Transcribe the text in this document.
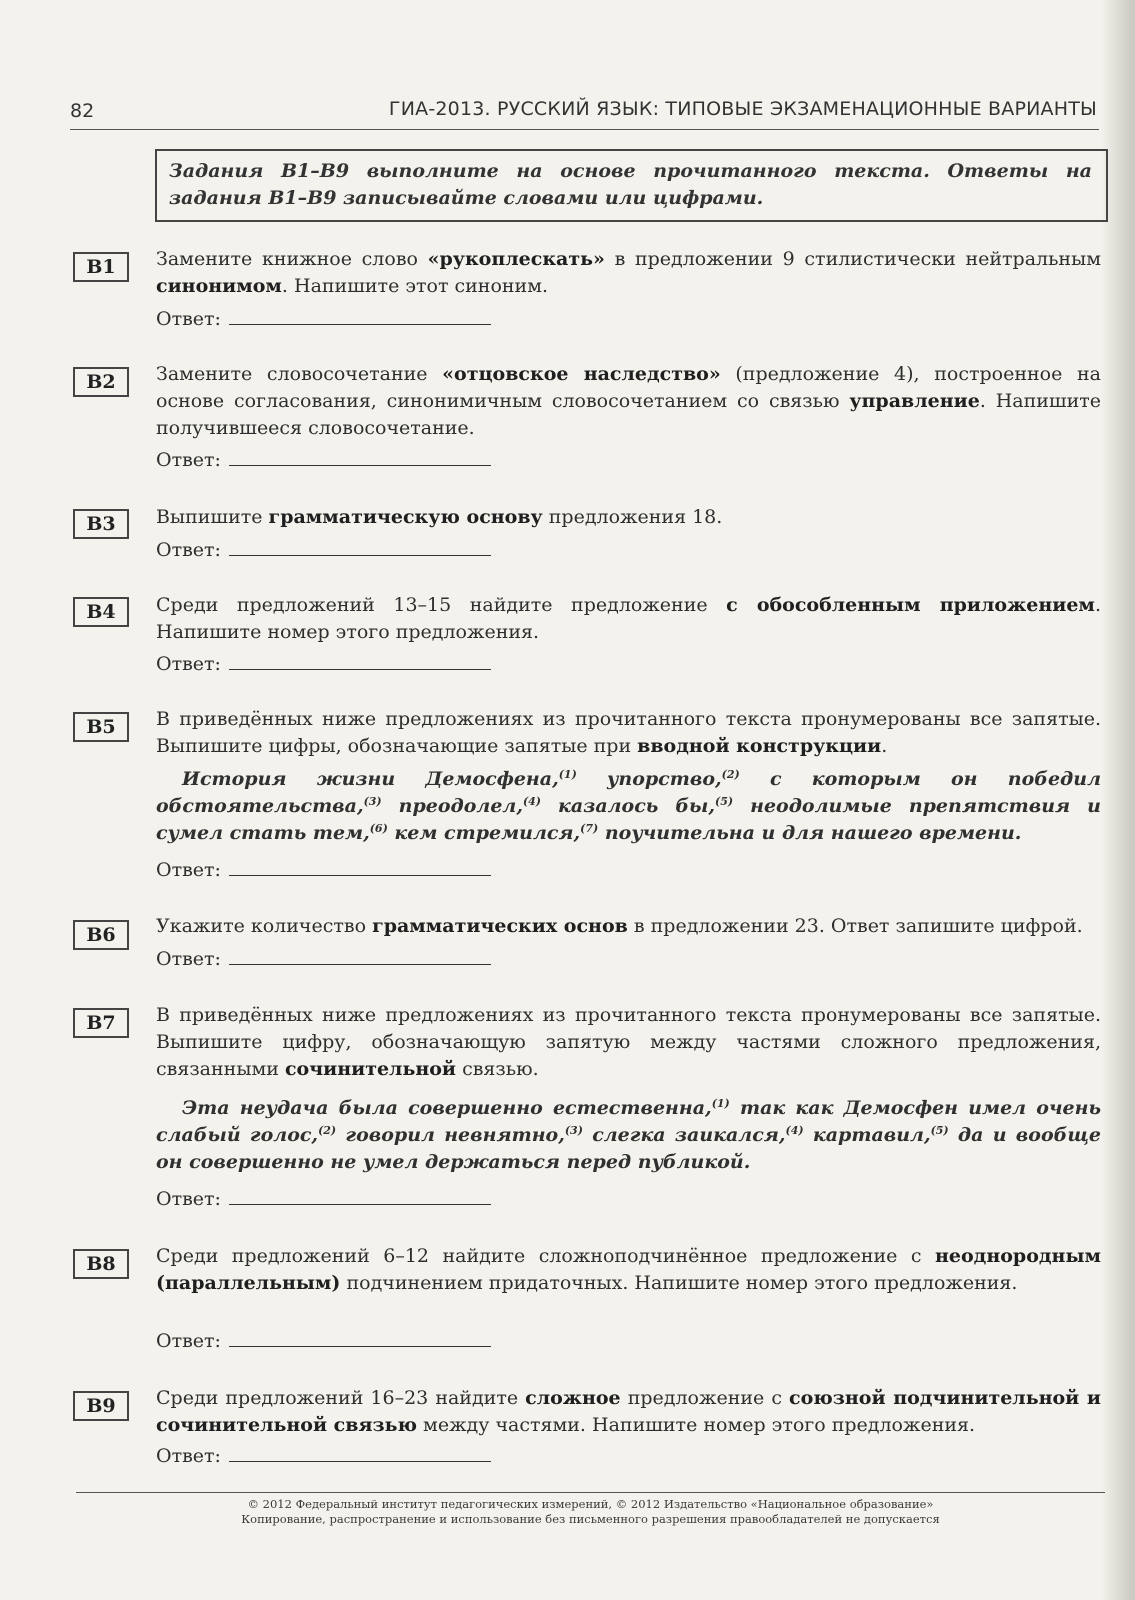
82	ГИА-2013. РУССКИЙ ЯЗЫК: ТИПОВЫЕ ЭКЗАМЕНАЦИОННЫЕ ВАРИАНТЫ
Задания B1–B9 выполните на основе прочитанного текста. Ответы на задания B1–B9 записывайте словами или цифрами.
B1	Замените книжное слово «рукоплескать» в предложении 9 стилистически нейтральным синонимом. Напишите этот синоним.
Ответ:
B2	Замените словосочетание «отцовское наследство» (предложение 4), построенное на основе согласования, синонимичным словосочетанием со связью управление. Напишите получившееся словосочетание.
Ответ:
B3	Выпишите грамматическую основу предложения 18.
Ответ:
B4	Среди предложений 13–15 найдите предложение с обособленным приложением. Напишите номер этого предложения.
Ответ:
B5	В приведённых ниже предложениях из прочитанного текста пронумерованы все запятые. Выпишите цифры, обозначающие запятые при вводной конструкции.
История жизни Демосфена,$^{(1)}$ упорство,$^{(2)}$ с которым он победил обстоятельства,$^{(3)}$ преодолел,$^{(4)}$ казалось бы,$^{(5)}$ неодолимые препятствия и сумел стать тем,$^{(6)}$ кем стремился,$^{(7)}$ поучительна и для нашего времени.
Ответ:
B6	Укажите количество грамматических основ в предложении 23. Ответ запишите цифрой.
Ответ:
B7	В приведённых ниже предложениях из прочитанного текста пронумерованы все запятые. Выпишите цифру, обозначающую запятую между частями сложного предложения, связанными сочинительной связью.
Эта неудача была совершенно естественна,$^{(1)}$ так как Демосфен имел очень слабый голос,$^{(2)}$ говорил невнятно,$^{(3)}$ слегка заикался,$^{(4)}$ картавил,$^{(5)}$ да и вообще он совершенно не умел держаться перед публикой.
Ответ:
B8	Среди предложений 6–12 найдите сложноподчинённое предложение с неоднородным (параллельным) подчинением придаточных. Напишите номер этого предложения.
Ответ:
B9	Среди предложений 16–23 найдите сложное предложение с союзной подчинительной и сочинительной связью между частями. Напишите номер этого предложения.
Ответ:
© 2012 Федеральный институт педагогических измерений, © 2012 Издательство «Национальное образование»
Копирование, распространение и использование без письменного разрешения правообладателей не допускается
